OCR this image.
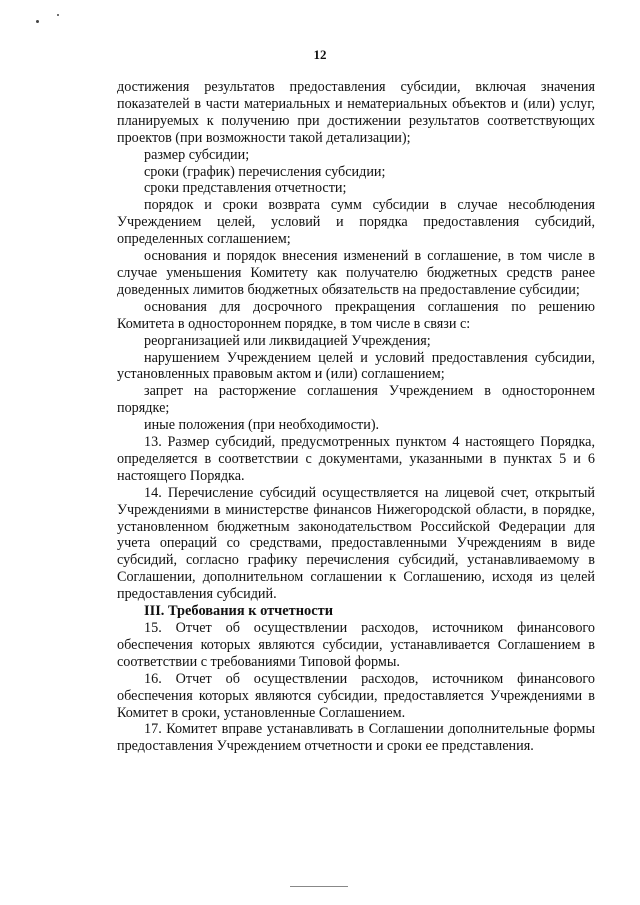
12

достижения результатов предоставления субсидии, включая значения показателей в части материальных и нематериальных объектов и (или) услуг, планируемых к получению при достижении результатов соответствующих проектов (при возможности такой детализации);

размер субсидии;

сроки (график) перечисления субсидии;

сроки представления отчетности;

порядок и сроки возврата сумм субсидии в случае несоблюдения Учреждением целей, условий и порядка предоставления субсидий, определенных соглашением;

основания и порядок внесения изменений в соглашение, в том числе в случае уменьшения Комитету как получателю бюджетных средств ранее доведенных лимитов бюджетных обязательств на предоставление субсидии;

основания для досрочного прекращения соглашения по решению Комитета в одностороннем порядке, в том числе в связи с:

реорганизацией или ликвидацией Учреждения;

нарушением Учреждением целей и условий предоставления субсидии, установленных правовым актом и (или) соглашением;

запрет на расторжение соглашения Учреждением в одностороннем порядке;

иные положения (при необходимости).

13. Размер субсидий, предусмотренных пунктом 4 настоящего Порядка, определяется в соответствии с документами, указанными в пунктах 5 и 6 настоящего Порядка.

14. Перечисление субсидий осуществляется на лицевой счет, открытый Учреждениями в министерстве финансов Нижегородской области, в порядке, установленном бюджетным законодательством Российской Федерации для учета операций со средствами, предоставленными Учреждениям в виде субсидий, согласно графику перечисления субсидий, устанавливаемому в Соглашении, дополнительном соглашении к Соглашению, исходя из целей предоставления субсидий.

III. Требования к отчетности

15. Отчет об осуществлении расходов, источником финансового обеспечения которых являются субсидии, устанавливается Соглашением в соответствии с требованиями Типовой формы.

16. Отчет об осуществлении расходов, источником финансового обеспечения которых являются субсидии, предоставляется Учреждениями в Комитет в сроки, установленные Соглашением.

17. Комитет вправе устанавливать в Соглашении дополнительные формы предоставления Учреждением отчетности и сроки ее представления.
